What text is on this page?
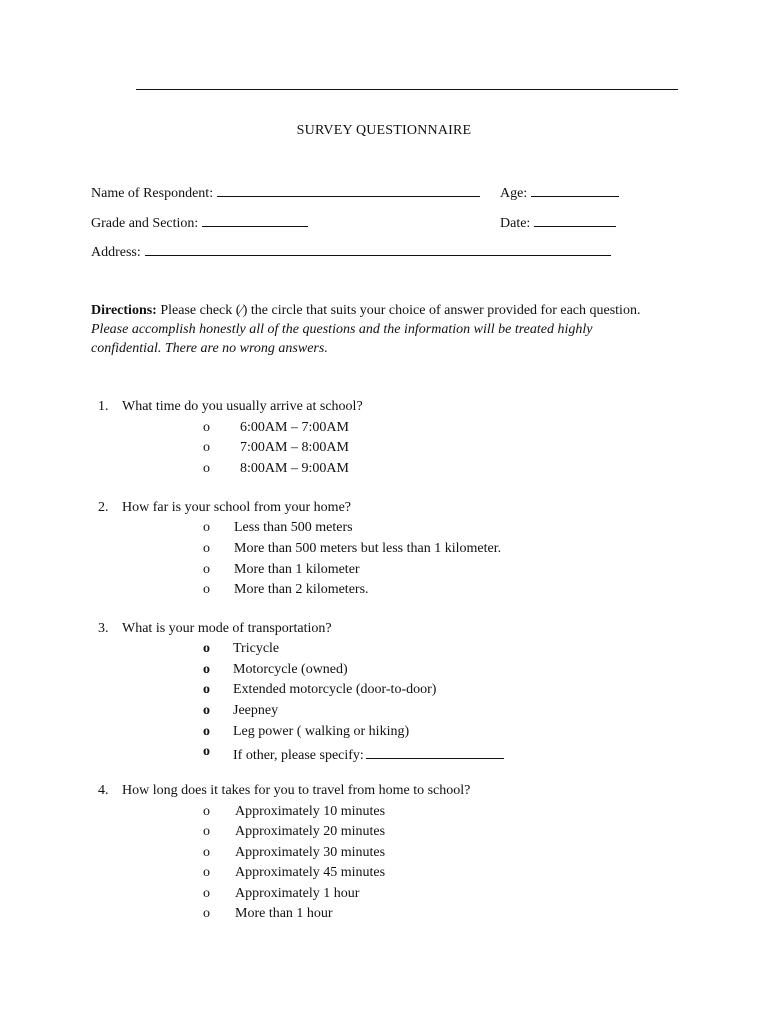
SURVEY QUESTIONNAIRE
Name of Respondent:	Age:
Grade and Section:	Date:
Address:
Directions: Please check (∕) the circle that suits your choice of answer provided for each question. Please accomplish honestly all of the questions and the information will be treated highly confidential. There are no wrong answers.
1. What time do you usually arrive at school?
o 6:00AM – 7:00AM
o 7:00AM – 8:00AM
o 8:00AM – 9:00AM
2. How far is your school from your home?
o Less than 500 meters
o More than 500 meters but less than 1 kilometer.
o More than 1 kilometer
o More than 2 kilometers.
3. What is your mode of transportation?
o Tricycle
o Motorcycle (owned)
o Extended motorcycle (door-to-door)
o Jeepney
o Leg power ( walking or hiking)
o If other, please specify:
4. How long does it takes for you to travel from home to school?
o Approximately 10 minutes
o Approximately 20 minutes
o Approximately 30 minutes
o Approximately 45 minutes
o Approximately 1 hour
o More than 1 hour
